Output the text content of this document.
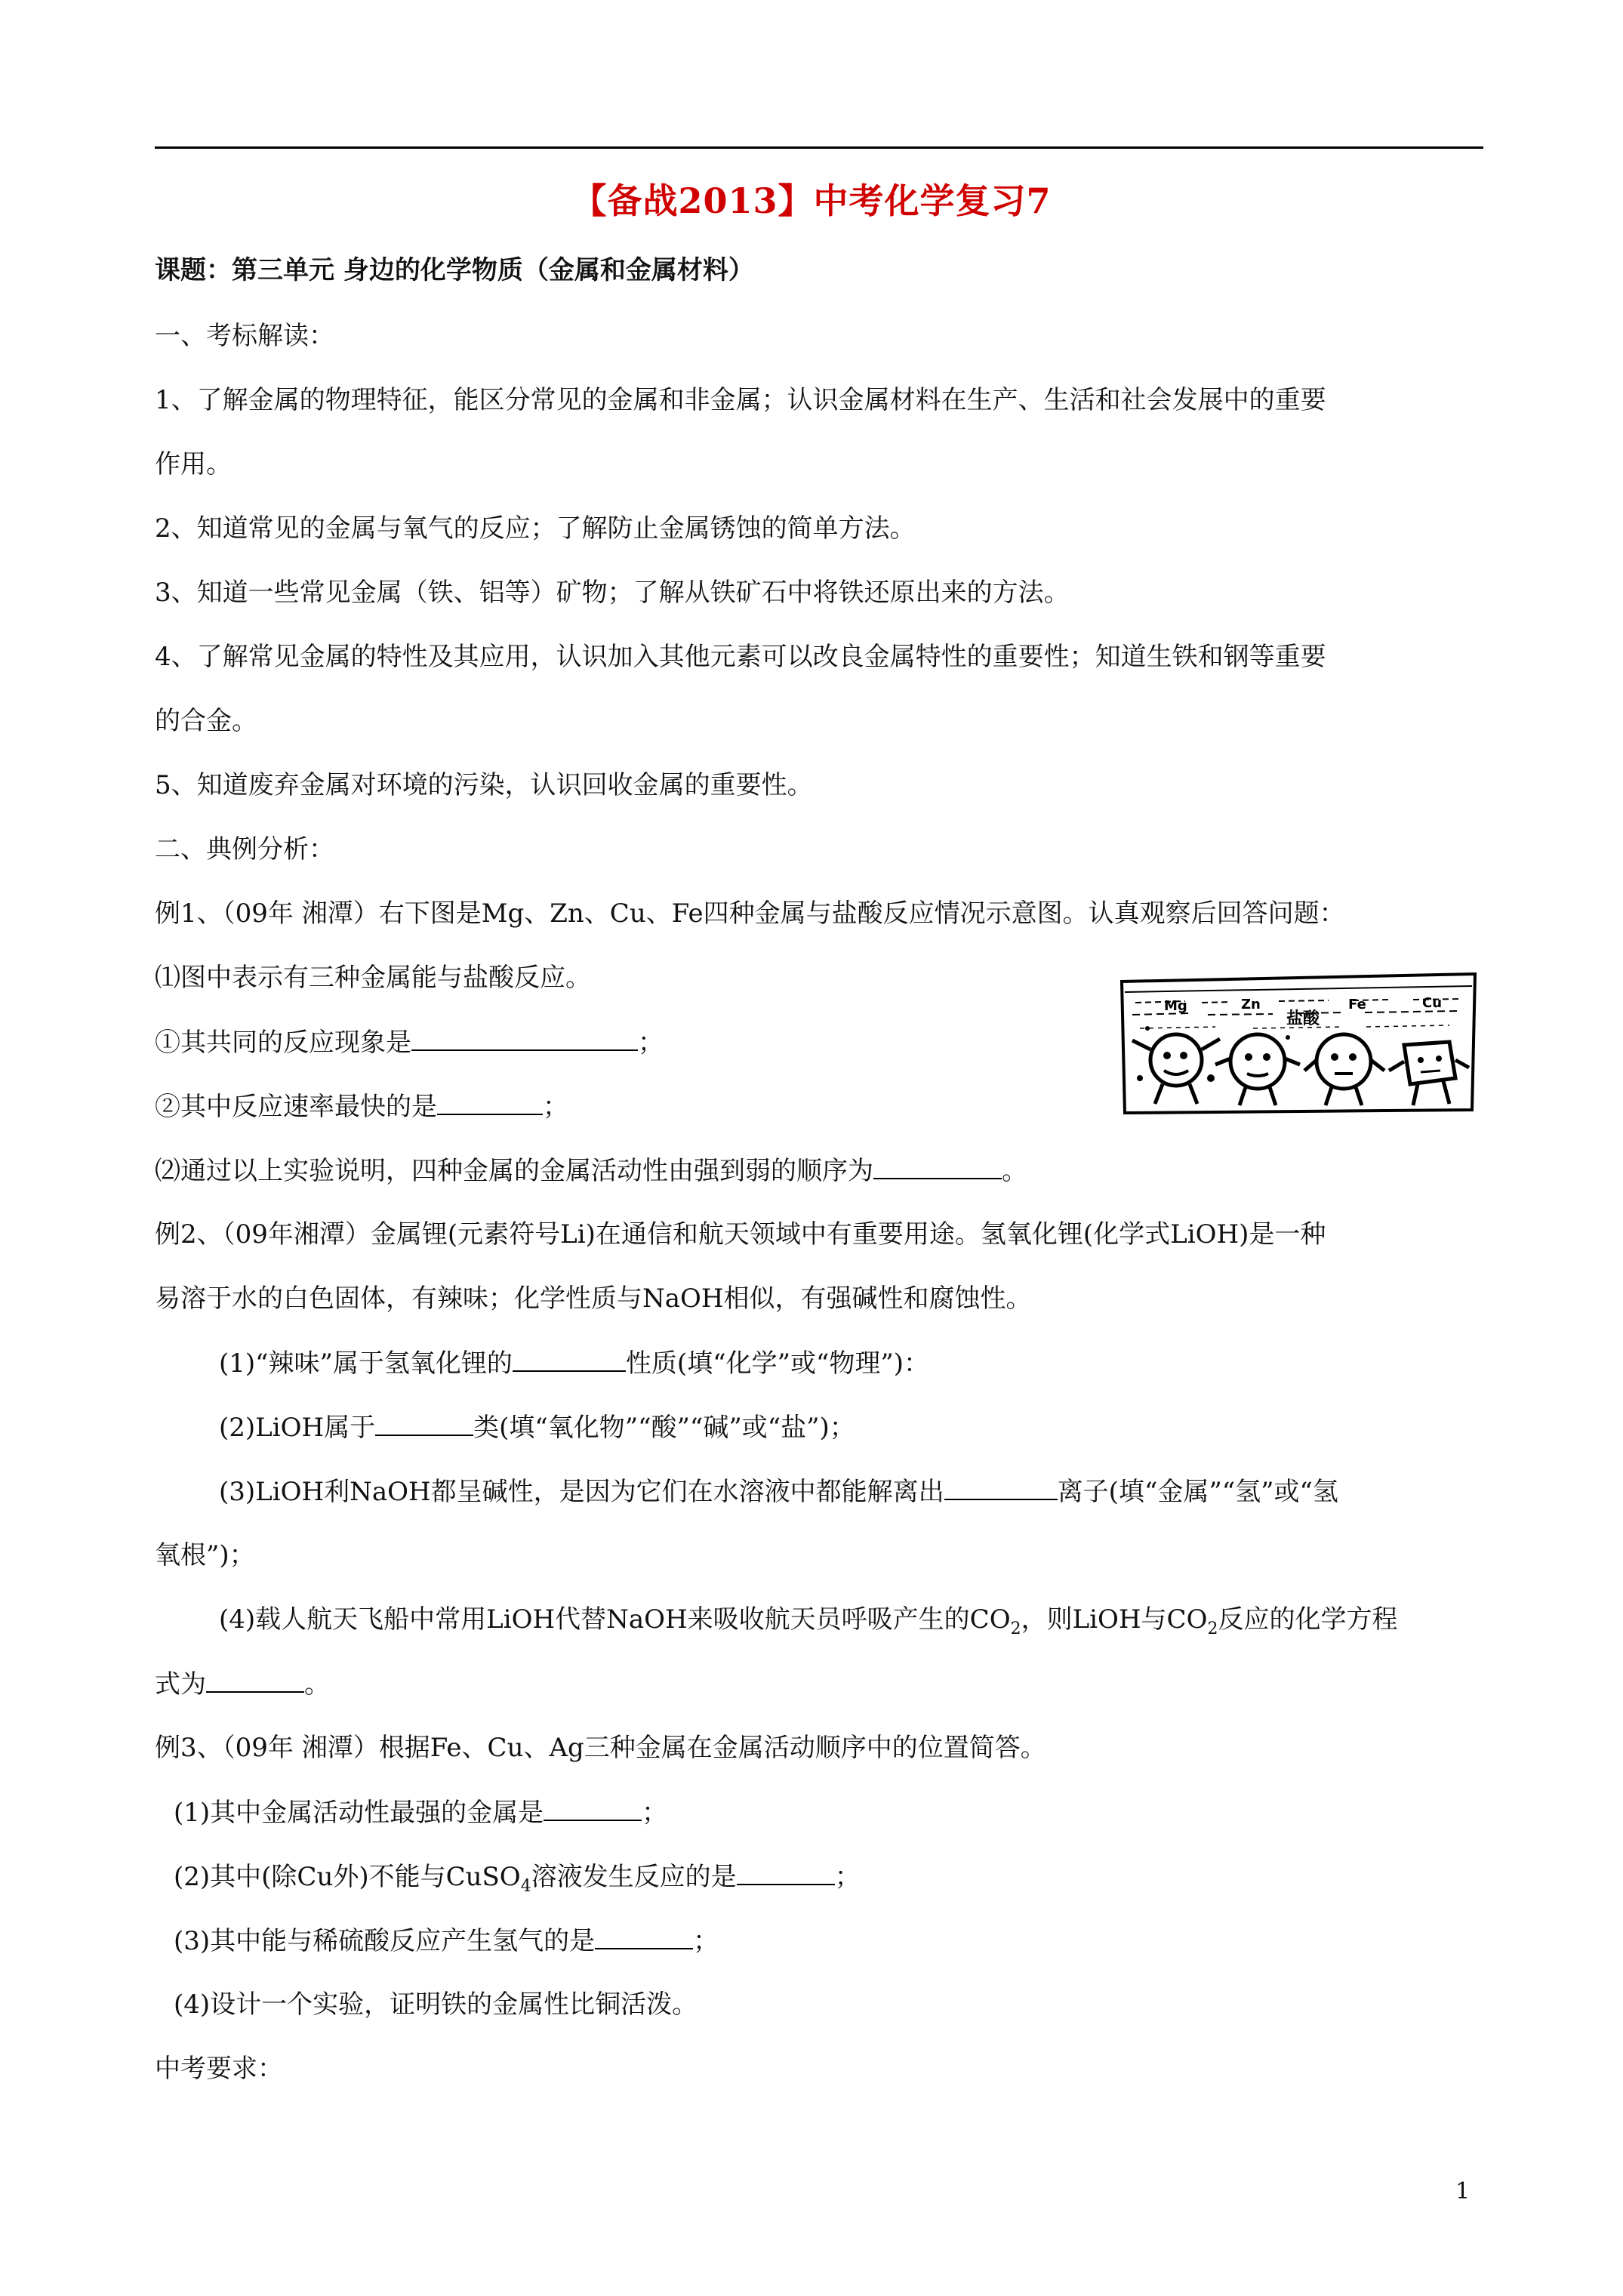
【备战2013】中考化学复习7
课题：第三单元 身边的化学物质（金属和金属材料）
一、考标解读：
1、了解金属的物理特征，能区分常见的金属和非金属；认识金属材料在生产、生活和社会发展中的重要
作用。
2、知道常见的金属与氧气的反应；了解防止金属锈蚀的简单方法。
3、知道一些常见金属（铁、铝等）矿物；了解从铁矿石中将铁还原出来的方法。
4、了解常见金属的特性及其应用，认识加入其他元素可以改良金属特性的重要性；知道生铁和钢等重要
的合金。
5、知道废弃金属对环境的污染，认识回收金属的重要性。
二、典例分析：
例1、（09年 湘潭）右下图是Mg、Zn、Cu、Fe四种金属与盐酸反应情况示意图。认真观察后回答问题：
⑴图中表示有三种金属能与盐酸反应。
①其共同的反应现象是	；
②其中反应速率最快的是	；
⑵通过以上实验说明，四种金属的金属活动性由强到弱的顺序为	。
Mg	Zn
盐酸
Fe	Cu
例2、（09年湘潭）金属锂(元素符号Li)在通信和航天领域中有重要用途。氢氧化锂(化学式LiOH)是一种
易溶于水的白色固体，有辣味；化学性质与NaOH相似，有强碱性和腐蚀性。
(1)“辣味”属于氢氧化锂的	性质(填“化学”或“物理”)：
(2)LiOH属于	类(填“氧化物”“酸”“碱”或“盐”)；
(3)LiOH利NaOH都呈碱性，是因为它们在水溶液中都能解离出	离子(填“金属”“氢”或“氢
氧根”)；
(4)载人航天飞船中常用LiOH代替NaOH来吸收航天员呼吸产生的$CO_2$，则LiOH与$CO_2$反应的化学方程
式为	。
例3、（09年 湘潭）根据Fe、Cu、Ag三种金属在金属活动顺序中的位置简答。
(1)其中金属活动性最强的金属是	；
(2)其中(除Cu外)不能与CuSO$_4$溶液发生反应的是	；
(3)其中能与稀硫酸反应产生氢气的是	；
(4)设计一个实验，证明铁的金属性比铜活泼。
中考要求：
1
